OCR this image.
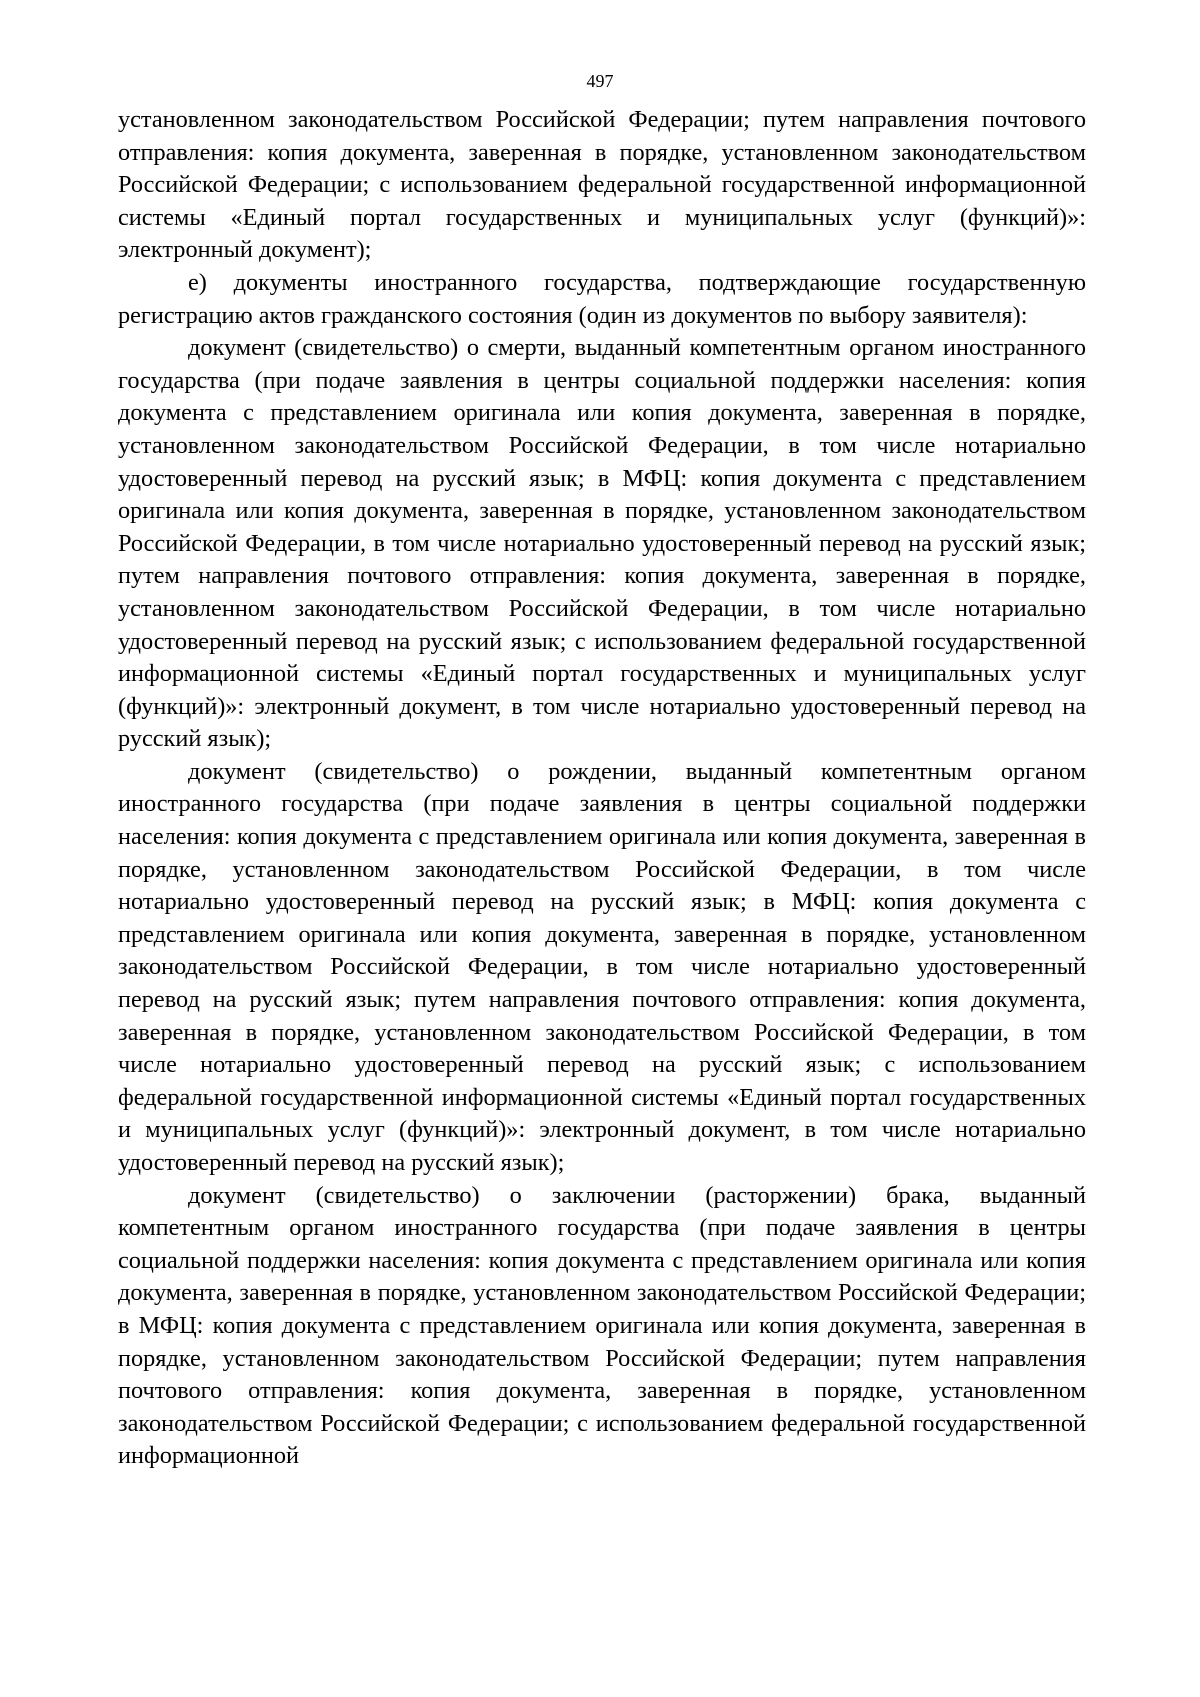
497

установленном законодательством Российской Федерации; путем направления почтового отправления: копия документа, заверенная в порядке, установленном законодательством Российской Федерации; с использованием федеральной государственной информационной системы «Единый портал государственных и муниципальных услуг (функций)»: электронный документ);

е) документы иностранного государства, подтверждающие государственную регистрацию актов гражданского состояния (один из документов по выбору заявителя):

документ (свидетельство) о смерти, выданный компетентным органом иностранного государства (при подаче заявления в центры социальной поддержки населения: копия документа с представлением оригинала или копия документа, заверенная в порядке, установленном законодательством Российской Федерации, в том числе нотариально удостоверенный перевод на русский язык; в МФЦ: копия документа с представлением оригинала или копия документа, заверенная в порядке, установленном законодательством Российской Федерации, в том числе нотариально удостоверенный перевод на русский язык; путем направления почтового отправления: копия документа, заверенная в порядке, установленном законодательством Российской Федерации, в том числе нотариально удостоверенный перевод на русский язык; с использованием федеральной государственной информационной системы «Единый портал государственных и муниципальных услуг (функций)»: электронный документ, в том числе нотариально удостоверенный перевод на русский язык);

документ (свидетельство) о рождении, выданный компетентным органом иностранного государства (при подаче заявления в центры социальной поддержки населения: копия документа с представлением оригинала или копия документа, заверенная в порядке, установленном законодательством Российской Федерации, в том числе нотариально удостоверенный перевод на русский язык; в МФЦ: копия документа с представлением оригинала или копия документа, заверенная в порядке, установленном законодательством Российской Федерации, в том числе нотариально удостоверенный перевод на русский язык; путем направления почтового отправления: копия документа, заверенная в порядке, установленном законодательством Российской Федерации, в том числе нотариально удостоверенный перевод на русский язык; с использованием федеральной государственной информационной системы «Единый портал государственных и муниципальных услуг (функций)»: электронный документ, в том числе нотариально удостоверенный перевод на русский язык);

документ (свидетельство) о заключении (расторжении) брака, выданный компетентным органом иностранного государства (при подаче заявления в центры социальной поддержки населения: копия документа с представлением оригинала или копия документа, заверенная в порядке, установленном законодательством Российской Федерации; в МФЦ: копия документа с представлением оригинала или копия документа, заверенная в порядке, установленном законодательством Российской Федерации; путем направления почтового отправления: копия документа, заверенная в порядке, установленном законодательством Российской Федерации; с использованием федеральной государственной информационной
